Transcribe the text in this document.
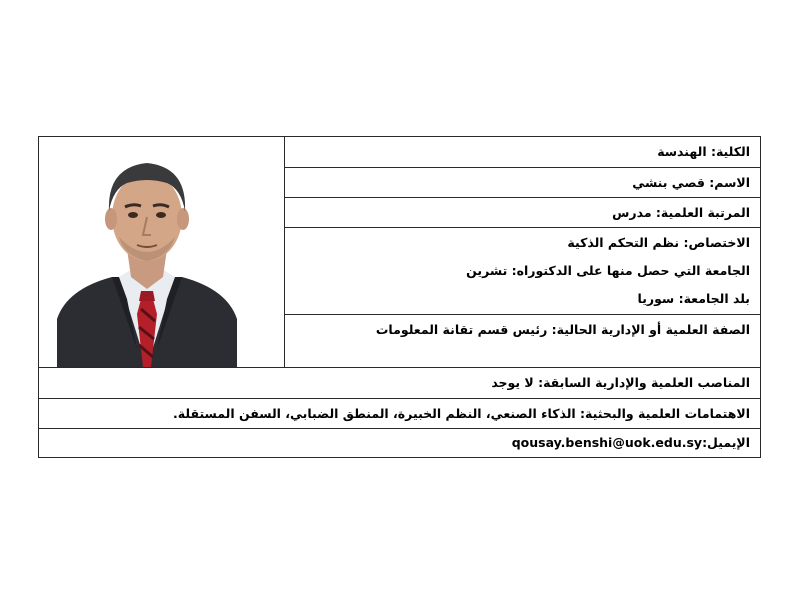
الكلية: الهندسة
الاسم: قصي بنشي
المرتبة العلمية: مدرس
الاختصاص: نظم التحكم الذكية
الجامعة التي حصل منها على الدكتوراه: تشرين
بلد الجامعة: سوريا
الصفة العلمية أو الإدارية الحالية: رئيس قسم تقانة المعلومات
المناصب العلمية والإدارية السابقة: لا يوجد
الاهتمامات العلمية والبحثية: الذكاء الصنعي، النظم الخبيرة، المنطق الضبابي، السفن المستقلة.
الإيميل:qousay.benshi@uok.edu.sy
